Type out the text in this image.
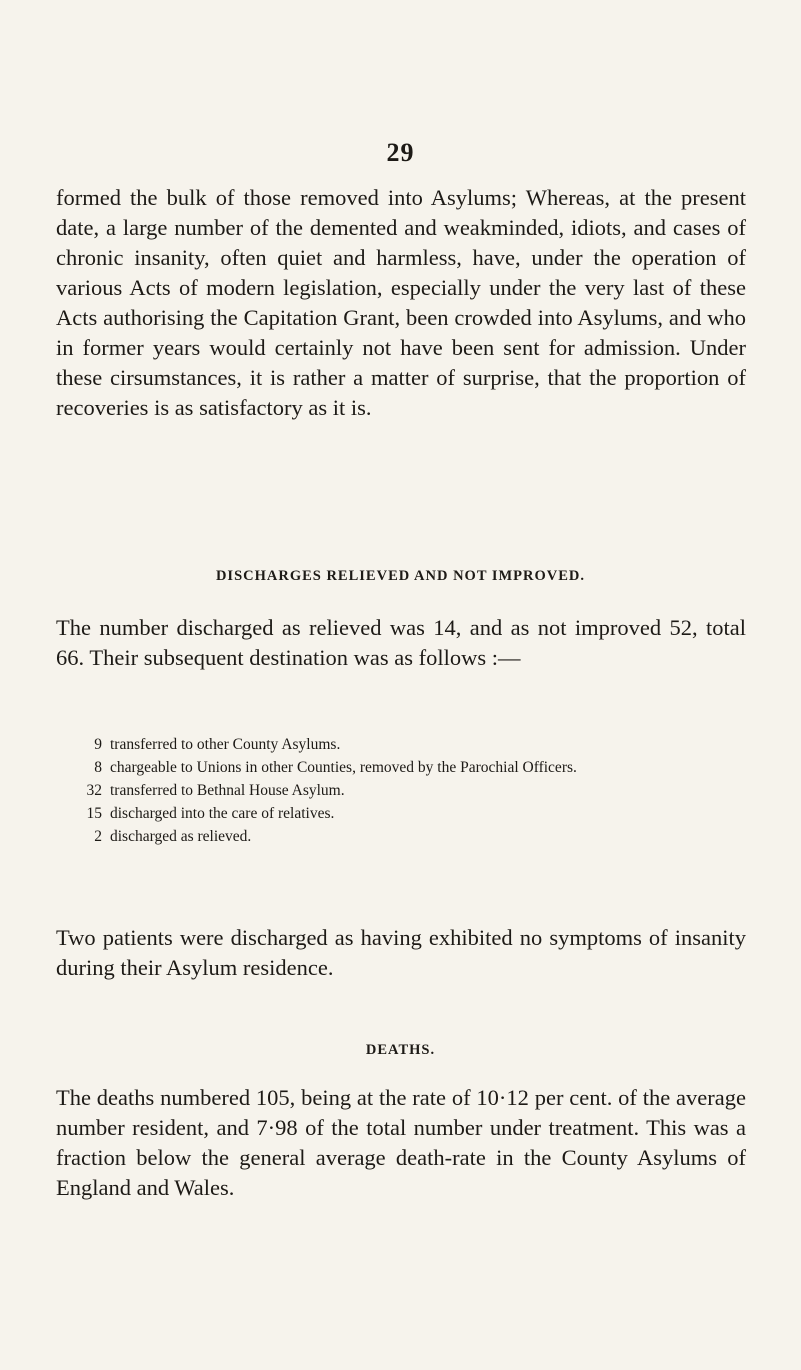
29
formed the bulk of those removed into Asylums; Whereas, at the present date, a large number of the demented and weakminded, idiots, and cases of chronic insanity, often quiet and harmless, have, under the operation of various Acts of modern legislation, especially under the very last of these Acts authorising the Capitation Grant, been crowded into Asylums, and who in former years would certainly not have been sent for admission. Under these cirsumstances, it is rather a matter of surprise, that the proportion of recoveries is as satisfactory as it is.
DISCHARGES RELIEVED AND NOT IMPROVED.
The number discharged as relieved was 14, and as not improved 52, total 66. Their subsequent destination was as follows :—
9 transferred to other County Asylums.
8 chargeable to Unions in other Counties, removed by the Parochial Officers.
32 transferred to Bethnal House Asylum.
15 discharged into the care of relatives.
2 discharged as relieved.
Two patients were discharged as having exhibited no symptoms of insanity during their Asylum residence.
DEATHS.
The deaths numbered 105, being at the rate of 10·12 per cent. of the average number resident, and 7·98 of the total number under treatment. This was a fraction below the general average death-rate in the County Asylums of England and Wales.
